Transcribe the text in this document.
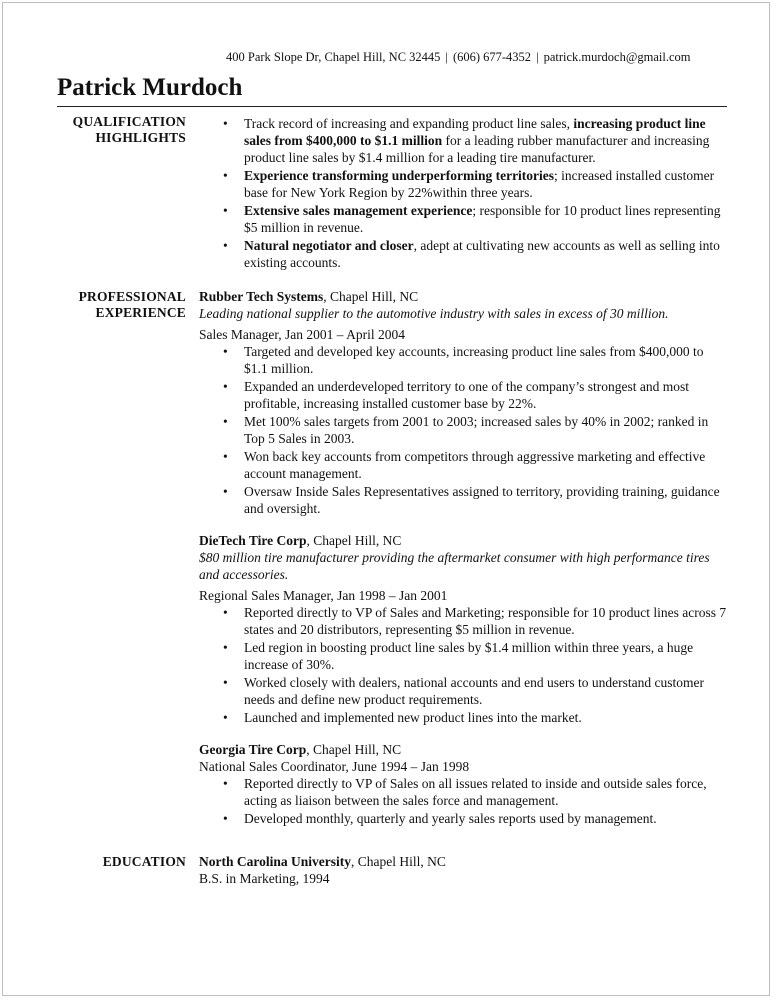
400 Park Slope Dr, Chapel Hill, NC 32445 | (606) 677-4352 | patrick.murdoch@gmail.com
Patrick Murdoch
QUALIFICATION
HIGHLIGHTS
• Track record of increasing and expanding product line sales, increasing product line sales from $400,000 to $1.1 million for a leading rubber manufacturer and increasing product line sales by $1.4 million for a leading tire manufacturer.
• Experience transforming underperforming territories; increased installed customer base for New York Region by 22%within three years.
• Extensive sales management experience; responsible for 10 product lines representing $5 million in revenue.
• Natural negotiator and closer, adept at cultivating new accounts as well as selling into existing accounts.
PROFESSIONAL
EXPERIENCE

Rubber Tech Systems, Chapel Hill, NC

Leading national supplier to the automotive industry with sales in excess of 30 million.

Sales Manager, Jan 2001 – April 2004

• Targeted and developed key accounts, increasing product line sales from $400,000 to $1.1 million.
• Expanded an underdeveloped territory to one of the company’s strongest and most profitable, increasing installed customer base by 22%.
• Met 100% sales targets from 2001 to 2003; increased sales by 40% in 2002; ranked in Top 5 Sales in 2003.
• Won back key accounts from competitors through aggressive marketing and effective account management.
• Oversaw Inside Sales Representatives assigned to territory, providing training, guidance and oversight.

DieTech Tire Corp, Chapel Hill, NC

$80 million tire manufacturer providing the aftermarket consumer with high performance tires and accessories.

Regional Sales Manager, Jan 1998 – Jan 2001

• Reported directly to VP of Sales and Marketing; responsible for 10 product lines across 7 states and 20 distributors, representing $5 million in revenue.
• Led region in boosting product line sales by $1.4 million within three years, a huge increase of 30%.
• Worked closely with dealers, national accounts and end users to understand customer needs and define new product requirements.
• Launched and implemented new product lines into the market.

Georgia Tire Corp, Chapel Hill, NC

National Sales Coordinator, June 1994 – Jan 1998

• Reported directly to VP of Sales on all issues related to inside and outside sales force, acting as liaison between the sales force and management.
• Developed monthly, quarterly and yearly sales reports used by management.
EDUCATION North Carolina University, Chapel Hill, NC

B.S. in Marketing, 1994
